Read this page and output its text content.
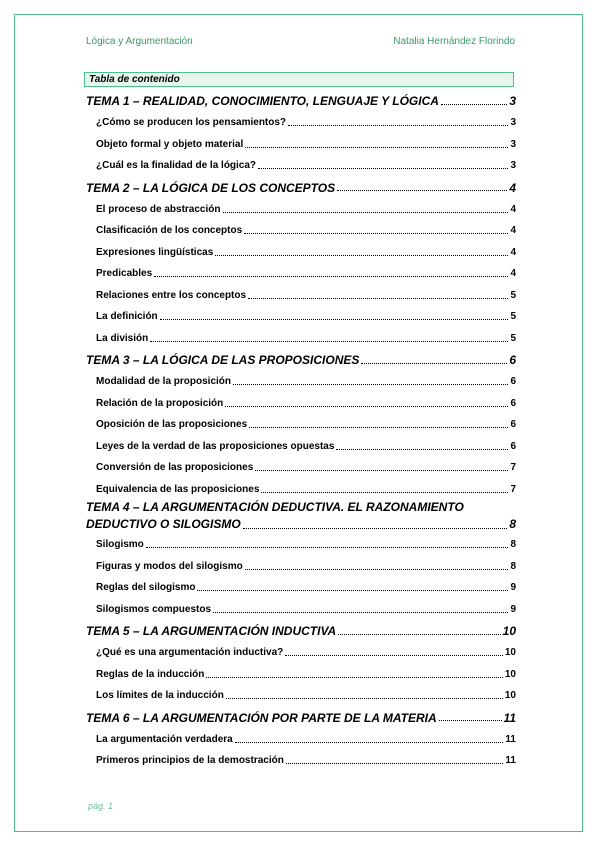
Lógica y Argumentación	Natalia Hernández Florindo
Tabla de contenido
TEMA 1 – REALIDAD, CONOCIMIENTO, LENGUAJE Y LÓGICA	3
¿Cómo se producen los pensamientos?	3
Objeto formal y objeto material	3
¿Cuál es la finalidad de la lógica?	3
TEMA 2 – LA LÓGICA DE LOS CONCEPTOS	4
El proceso de abstracción	4
Clasificación de los conceptos	4
Expresiones lingüísticas	4
Predicables	4
Relaciones entre los conceptos	5
La definición	5
La división	5
TEMA 3 – LA LÓGICA DE LAS PROPOSICIONES	6
Modalidad de la proposición	6
Relación de la proposición	6
Oposición de las proposiciones	6
Leyes de la verdad de las proposiciones opuestas	6
Conversión de las proposiciones	7
Equivalencia de las proposiciones	7
TEMA 4 – LA ARGUMENTACIÓN DEDUCTIVA. EL RAZONAMIENTO
DEDUCTIVO O SILOGISMO	8
Silogismo	8
Figuras y modos del silogismo	8
Reglas del silogismo	9
Silogismos compuestos	9
TEMA 5 – LA ARGUMENTACIÓN INDUCTIVA	10
¿Qué es una argumentación inductiva?	10
Reglas de la inducción	10
Los límites de la inducción	10
TEMA 6 – LA ARGUMENTACIÓN POR PARTE DE LA MATERIA	11
La argumentación verdadera	11
Primeros principios de la demostración	11
pág. 1
